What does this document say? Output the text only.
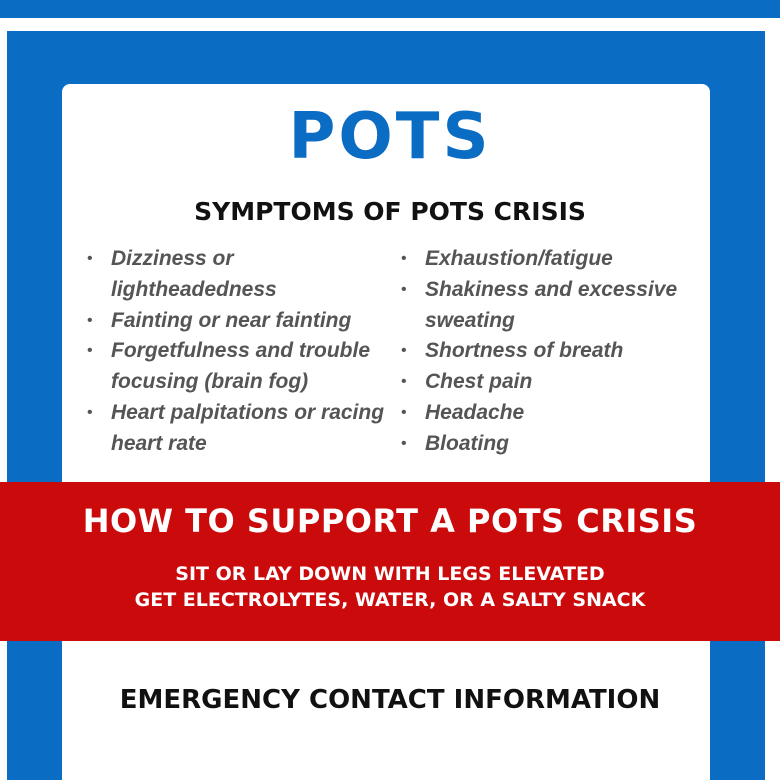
POTS
SYMPTOMS OF POTS CRISIS
• Dizziness or lightheadedness
• Fainting or near fainting
• Forgetfulness and trouble focusing (brain fog)
• Heart palpitations or racing heart rate
• Exhaustion/fatigue
• Shakiness and excessive sweating
• Shortness of breath
• Chest pain
• Headache
• Bloating
HOW TO SUPPORT A POTS CRISIS

SIT OR LAY DOWN WITH LEGS ELEVATED

GET ELECTROLYTES, WATER, OR A SALTY SNACK

EMERGENCY CONTACT INFORMATION
